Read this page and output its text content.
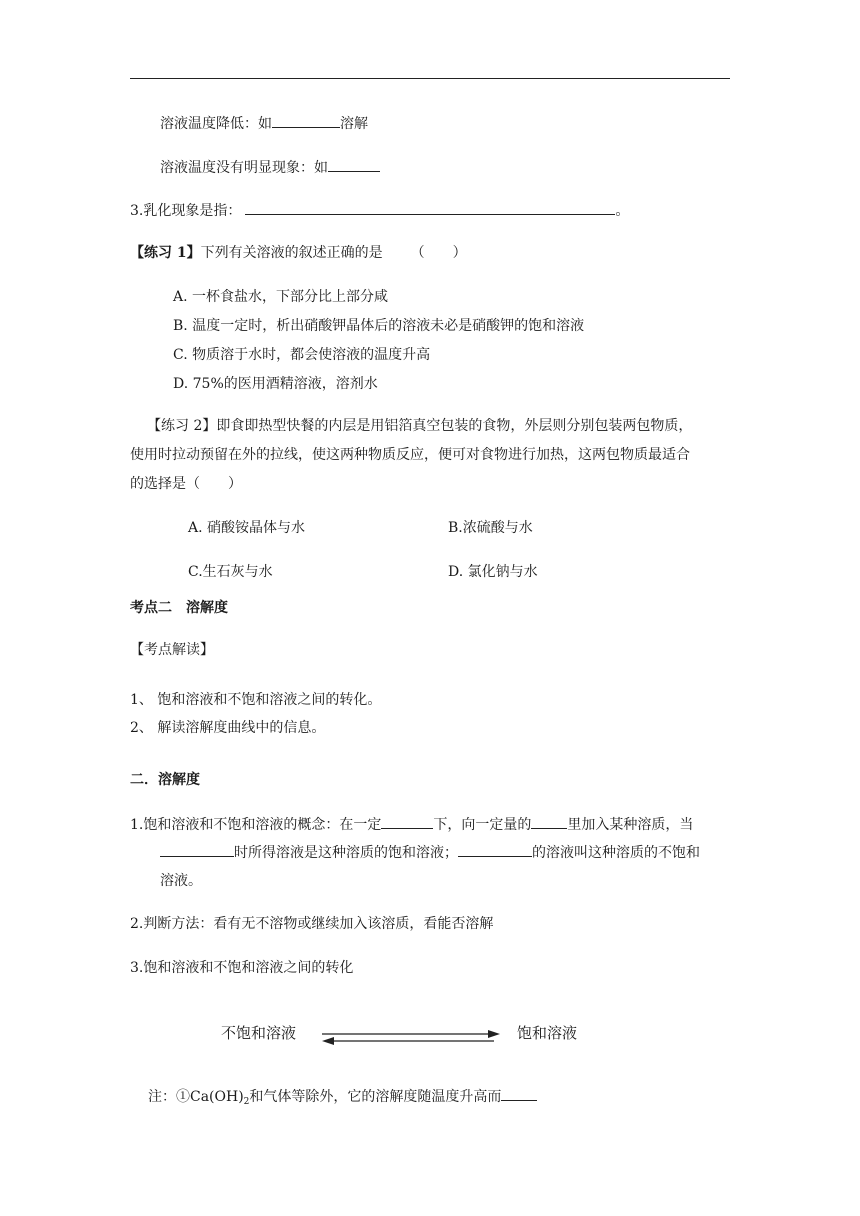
溶液温度降低：如	溶解
溶液温度没有明显现象：如
3.乳化现象是指：	。
【练习 1】下列有关溶液的叙述正确的是 （　　）
A. 一杯食盐水，下部分比上部分咸
B. 温度一定时，析出硝酸钾晶体后的溶液未必是硝酸钾的饱和溶液
C. 物质溶于水时，都会使溶液的温度升高
D. 75%的医用酒精溶液，溶剂水
【练习 2】即食即热型快餐的内层是用铝箔真空包装的食物，外层则分别包装两包物质，
使用时拉动预留在外的拉线，使这两种物质反应，便可对食物进行加热，这两包物质最适合
的选择是（　　）
A. 硝酸铵晶体与水	B.浓硫酸与水
C.生石灰与水	D. 氯化钠与水
考点二　溶解度
【考点解读】
1、 饱和溶液和不饱和溶液之间的转化。
2、 解读溶解度曲线中的信息。
二．溶解度
1.饱和溶液和不饱和溶液的概念：在一定	下，向一定量的	里加入某种溶质，当
时所得溶液是这种溶质的饱和溶液；	的溶液叫这种溶质的不饱和
溶液。
2.判断方法：看有无不溶物或继续加入该溶质，看能否溶解
3.饱和溶液和不饱和溶液之间的转化
不饱和溶液	饱和溶液
注：$①Ca(OH)_2$和气体等除外，它的溶解度随温度升高而
